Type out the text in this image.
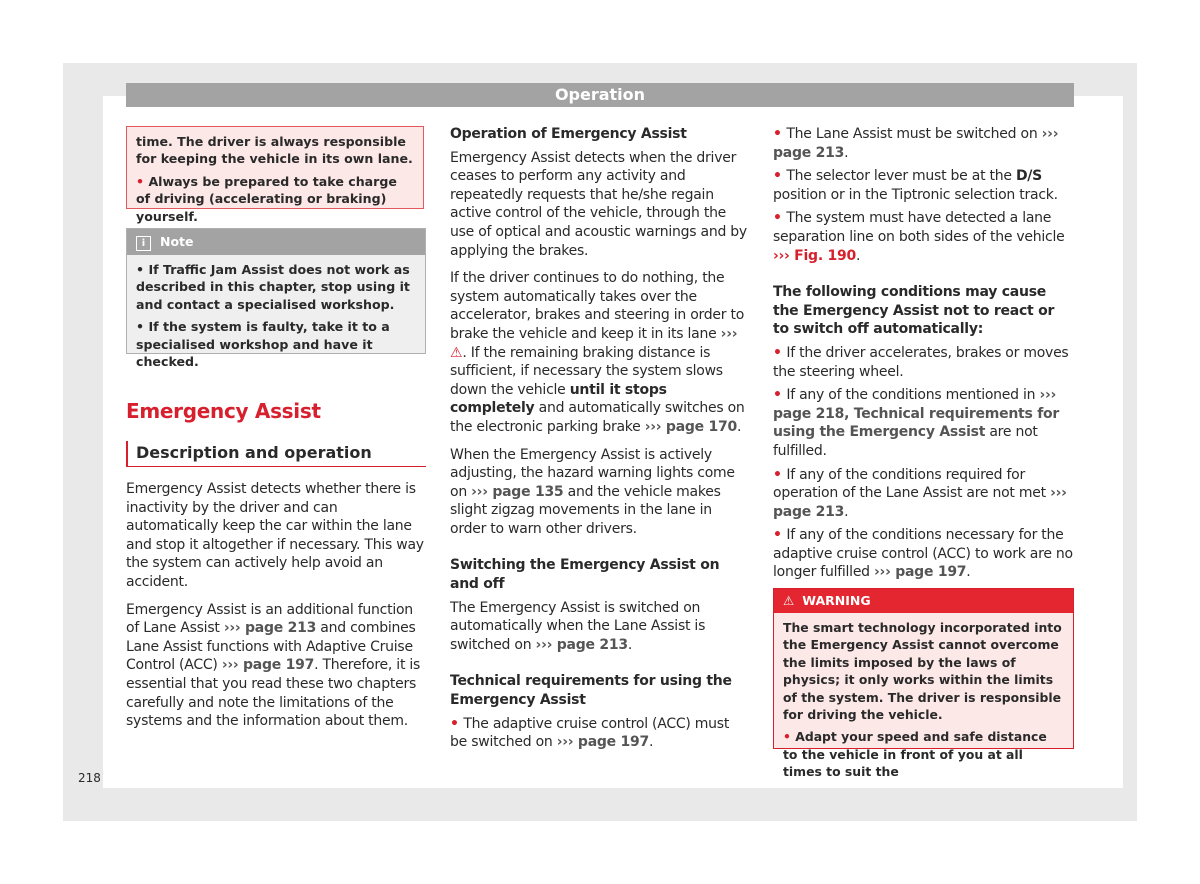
Operation

time. The driver is always responsible for keeping the vehicle in its own lane.

• Always be prepared to take charge of driving (accelerating or braking) yourself.

i Note

• If Traffic Jam Assist does not work as described in this chapter, stop using it and contact a specialised workshop.

• If the system is faulty, take it to a specialised workshop and have it checked.

Emergency Assist
Description and operation

Emergency Assist detects whether there is inactivity by the driver and can automatically keep the car within the lane and stop it altogether if necessary. This way the system can actively help avoid an accident.

Emergency Assist is an additional function of Lane Assist ››› page 213 and combines Lane Assist functions with Adaptive Cruise Control (ACC) ››› page 197. Therefore, it is essential that you read these two chapters carefully and note the limitations of the systems and the information about them.

Operation of Emergency Assist

Emergency Assist detects when the driver ceases to perform any activity and repeatedly requests that he/she regain active control of the vehicle, through the use of optical and acoustic warnings and by applying the brakes.

If the driver continues to do nothing, the system automatically takes over the accelerator, brakes and steering in order to brake the vehicle and keep it in its lane ››› ⚠. If the remaining braking distance is sufficient, if necessary the system slows down the vehicle until it stops completely and automatically switches on the electronic parking brake ››› page 170.

When the Emergency Assist is actively adjusting, the hazard warning lights come on ››› page 135 and the vehicle makes slight zigzag movements in the lane in order to warn other drivers.

Switching the Emergency Assist on and off

The Emergency Assist is switched on automatically when the Lane Assist is switched on ››› page 213.

Technical requirements for using the Emergency Assist

• The adaptive cruise control (ACC) must be switched on ››› page 197.

• The Lane Assist must be switched on ››› page 213.

• The selector lever must be at the D/S position or in the Tiptronic selection track.

• The system must have detected a lane separation line on both sides of the vehicle ››› Fig. 190.

The following conditions may cause the Emergency Assist not to react or to switch off automatically:

• If the driver accelerates, brakes or moves the steering wheel.

• If any of the conditions mentioned in ››› page 218, Technical requirements for using the Emergency Assist are not fulfilled.

• If any of the conditions required for operation of the Lane Assist are not met ››› page 213.

• If any of the conditions necessary for the adaptive cruise control (ACC) to work are no longer fulfilled ››› page 197.

⚠ WARNING

The smart technology incorporated into the Emergency Assist cannot overcome the limits imposed by the laws of physics; it only works within the limits of the system. The driver is responsible for driving the vehicle.

• Adapt your speed and safe distance to the vehicle in front of you at all times to suit the

218
